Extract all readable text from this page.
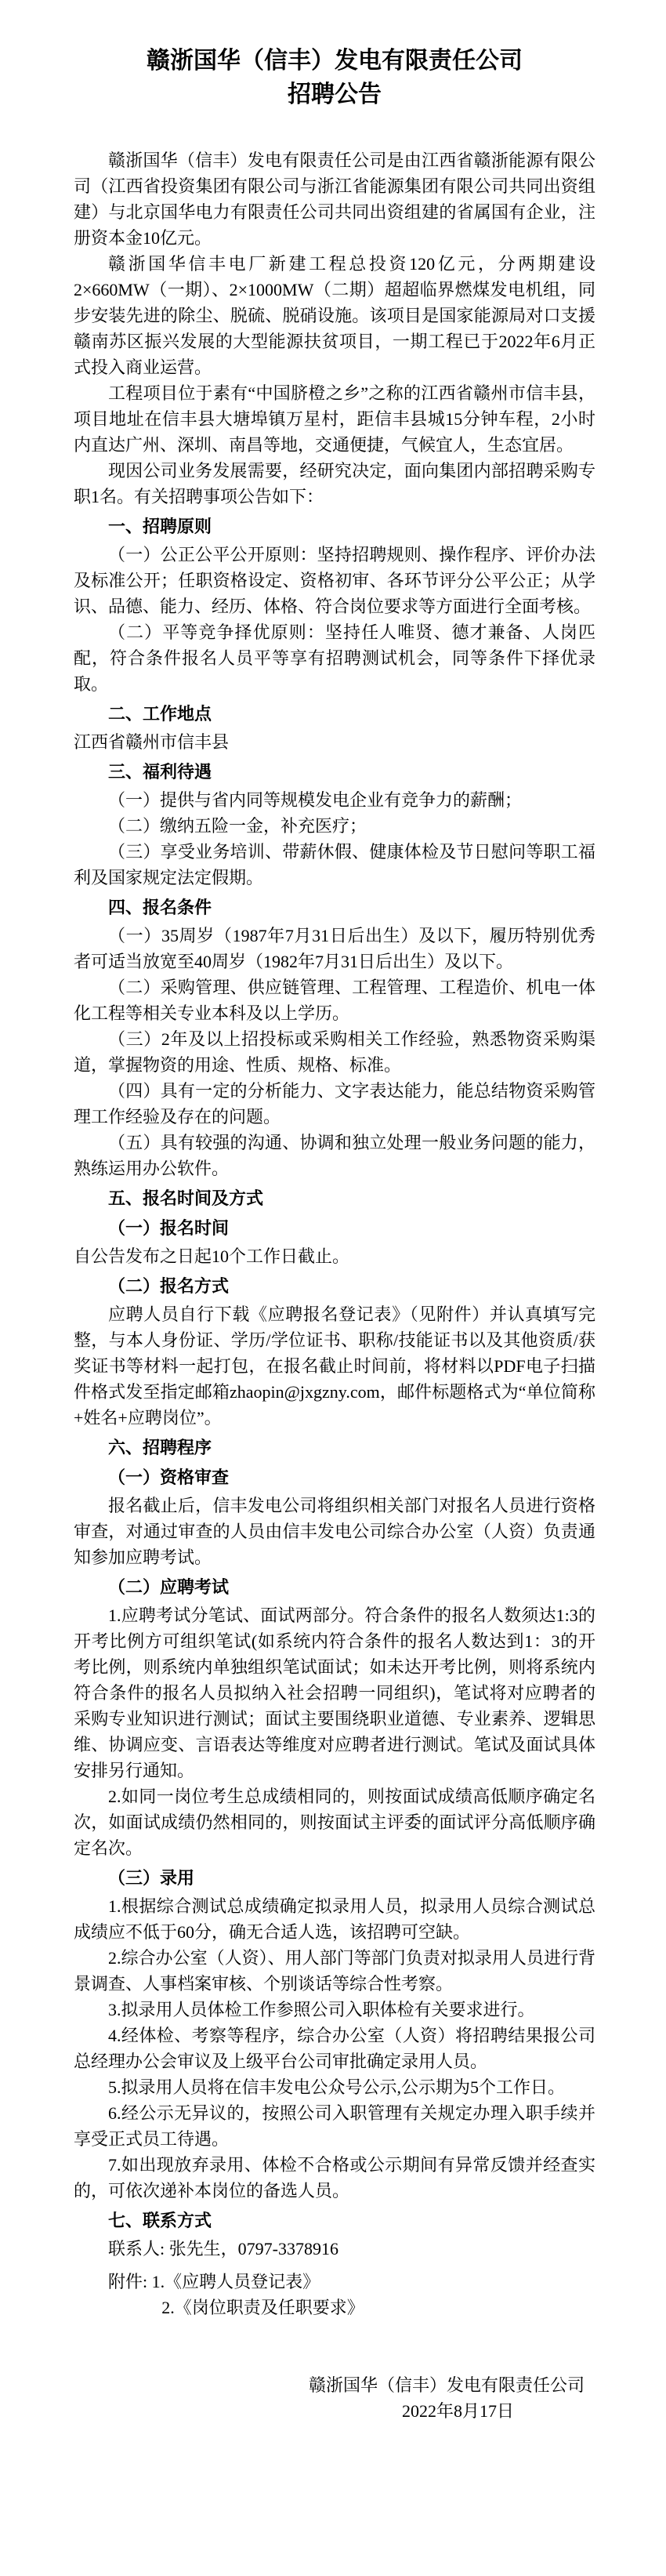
赣浙国华（信丰）发电有限责任公司
招聘公告

赣浙国华（信丰）发电有限责任公司是由江西省赣浙能源有限公司（江西省投资集团有限公司与浙江省能源集团有限公司共同出资组建）与北京国华电力有限责任公司共同出资组建的省属国有企业，注册资本金10亿元。

赣浙国华信丰电厂新建工程总投资120亿元，分两期建设2×660MW（一期）、2×1000MW（二期）超超临界燃煤发电机组，同步安装先进的除尘、脱硫、脱硝设施。该项目是国家能源局对口支援赣南苏区振兴发展的大型能源扶贫项目，一期工程已于2022年6月正式投入商业运营。

工程项目位于素有“中国脐橙之乡”之称的江西省赣州市信丰县，项目地址在信丰县大塘埠镇万星村，距信丰县城15分钟车程，2小时内直达广州、深圳、南昌等地，交通便捷，气候宜人，生态宜居。

现因公司业务发展需要，经研究决定，面向集团内部招聘采购专职1名。有关招聘事项公告如下：

一、招聘原则

（一）公正公平公开原则：坚持招聘规则、操作程序、评价办法及标准公开；任职资格设定、资格初审、各环节评分公平公正；从学识、品德、能力、经历、体格、符合岗位要求等方面进行全面考核。

（二）平等竞争择优原则：坚持任人唯贤、德才兼备、人岗匹配，符合条件报名人员平等享有招聘测试机会，同等条件下择优录取。

二、工作地点

江西省赣州市信丰县

三、福利待遇

（一）提供与省内同等规模发电企业有竞争力的薪酬；

（二）缴纳五险一金，补充医疗；

（三）享受业务培训、带薪休假、健康体检及节日慰问等职工福利及国家规定法定假期。

四、报名条件

（一）35周岁（1987年7月31日后出生）及以下，履历特别优秀者可适当放宽至40周岁（1982年7月31日后出生）及以下。

（二）采购管理、供应链管理、工程管理、工程造价、机电一体化工程等相关专业本科及以上学历。

（三）2年及以上招投标或采购相关工作经验，熟悉物资采购渠道，掌握物资的用途、性质、规格、标准。

（四）具有一定的分析能力、文字表达能力，能总结物资采购管理工作经验及存在的问题。

（五）具有较强的沟通、协调和独立处理一般业务问题的能力，熟练运用办公软件。

五、报名时间及方式

（一）报名时间

自公告发布之日起10个工作日截止。

（二）报名方式

应聘人员自行下载《应聘报名登记表》（见附件）并认真填写完整，与本人身份证、学历/学位证书、职称/技能证书以及其他资质/获奖证书等材料一起打包，在报名截止时间前，将材料以PDF电子扫描件格式发至指定邮箱zhaopin@jxgzny.com，邮件标题格式为“单位简称+姓名+应聘岗位”。

六、招聘程序

（一）资格审查

报名截止后，信丰发电公司将组织相关部门对报名人员进行资格审查，对通过审查的人员由信丰发电公司综合办公室（人资）负责通知参加应聘考试。

（二）应聘考试

1.应聘考试分笔试、面试两部分。符合条件的报名人数须达1:3的开考比例方可组织笔试(如系统内符合条件的报名人数达到1：3的开考比例，则系统内单独组织笔试面试；如未达开考比例，则将系统内符合条件的报名人员拟纳入社会招聘一同组织)，笔试将对应聘者的采购专业知识进行测试；面试主要围绕职业道德、专业素养、逻辑思维、协调应变、言语表达等维度对应聘者进行测试。笔试及面试具体安排另行通知。

2.如同一岗位考生总成绩相同的，则按面试成绩高低顺序确定名次，如面试成绩仍然相同的，则按面试主评委的面试评分高低顺序确定名次。

（三）录用

1.根据综合测试总成绩确定拟录用人员，拟录用人员综合测试总成绩应不低于60分，确无合适人选，该招聘可空缺。

2.综合办公室（人资）、用人部门等部门负责对拟录用人员进行背景调查、人事档案审核、个别谈话等综合性考察。

3.拟录用人员体检工作参照公司入职体检有关要求进行。

4.经体检、考察等程序，综合办公室（人资）将招聘结果报公司总经理办公会审议及上级平台公司审批确定录用人员。

5.拟录用人员将在信丰发电公众号公示,公示期为5个工作日。

6.经公示无异议的，按照公司入职管理有关规定办理入职手续并享受正式员工待遇。

7.如出现放弃录用、体检不合格或公示期间有异常反馈并经查实的，可依次递补本岗位的备选人员。

七、联系方式

联系人: 张先生，0797-3378916

附件: 1.《应聘人员登记表》

2.《岗位职责及任职要求》

赣浙国华（信丰）发电有限责任公司

2022年8月17日
